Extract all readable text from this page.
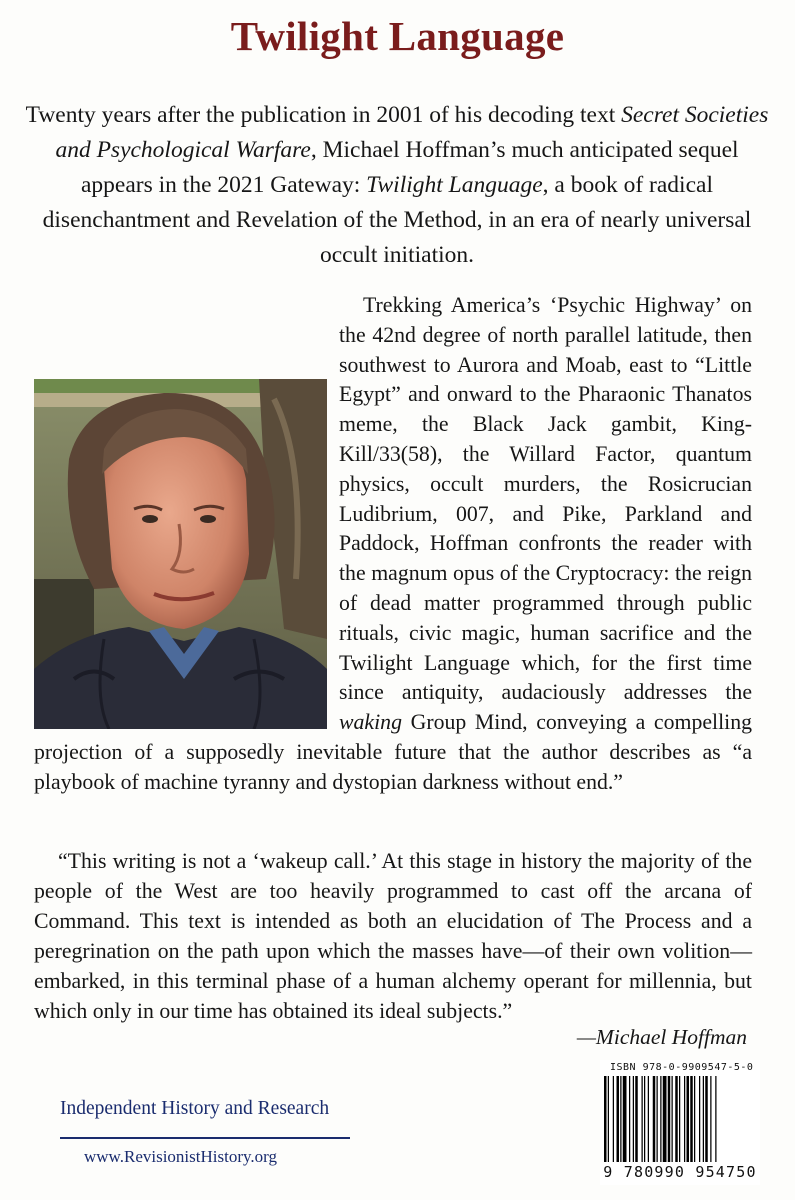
Twilight Language

Twenty years after the publication in 2001 of his decoding text Secret Societies and Psychological Warfare, Michael Hoffman’s much anticipated sequel appears in the 2021 Gateway: Twilight Language, a book of radical disenchantment and Revelation of the Method, in an era of nearly universal occult initiation.

Trekking America’s ‘Psychic Highway’ on the 42nd degree of north parallel latitude, then southwest to Aurora and Moab, east to “Little Egypt” and onward to the Pharaonic Thanatos meme, the Black Jack gambit, King-Kill/33(58), the Willard Factor, quantum physics, occult murders, the Rosicrucian Ludibrium, 007, and Pike, Parkland and Paddock, Hoffman confronts the reader with the magnum opus of the Cryptocracy: the reign of dead matter programmed through public rituals, civic magic, human sacrifice and the Twilight Language which, for the first time since antiquity, audaciously addresses the waking Group Mind, conveying a compelling projection of a supposedly inevitable future that the author describes as “a playbook of machine tyranny and dystopian darkness without end.”

“This writing is not a ‘wakeup call.’ At this stage in history the majority of the people of the West are too heavily programmed to cast off the arcana of Command. This text is intended as both an elucidation of The Process and a peregrination on the path upon which the masses have—of their own volition—embarked, in this terminal phase of a human alchemy operant for millennia, but which only in our time has obtained its ideal subjects.”

—Michael Hoffman
Independent History and Research
www.RevisionistHistory.org
ISBN 978-0-9909547-5-0
9 780990 954750
